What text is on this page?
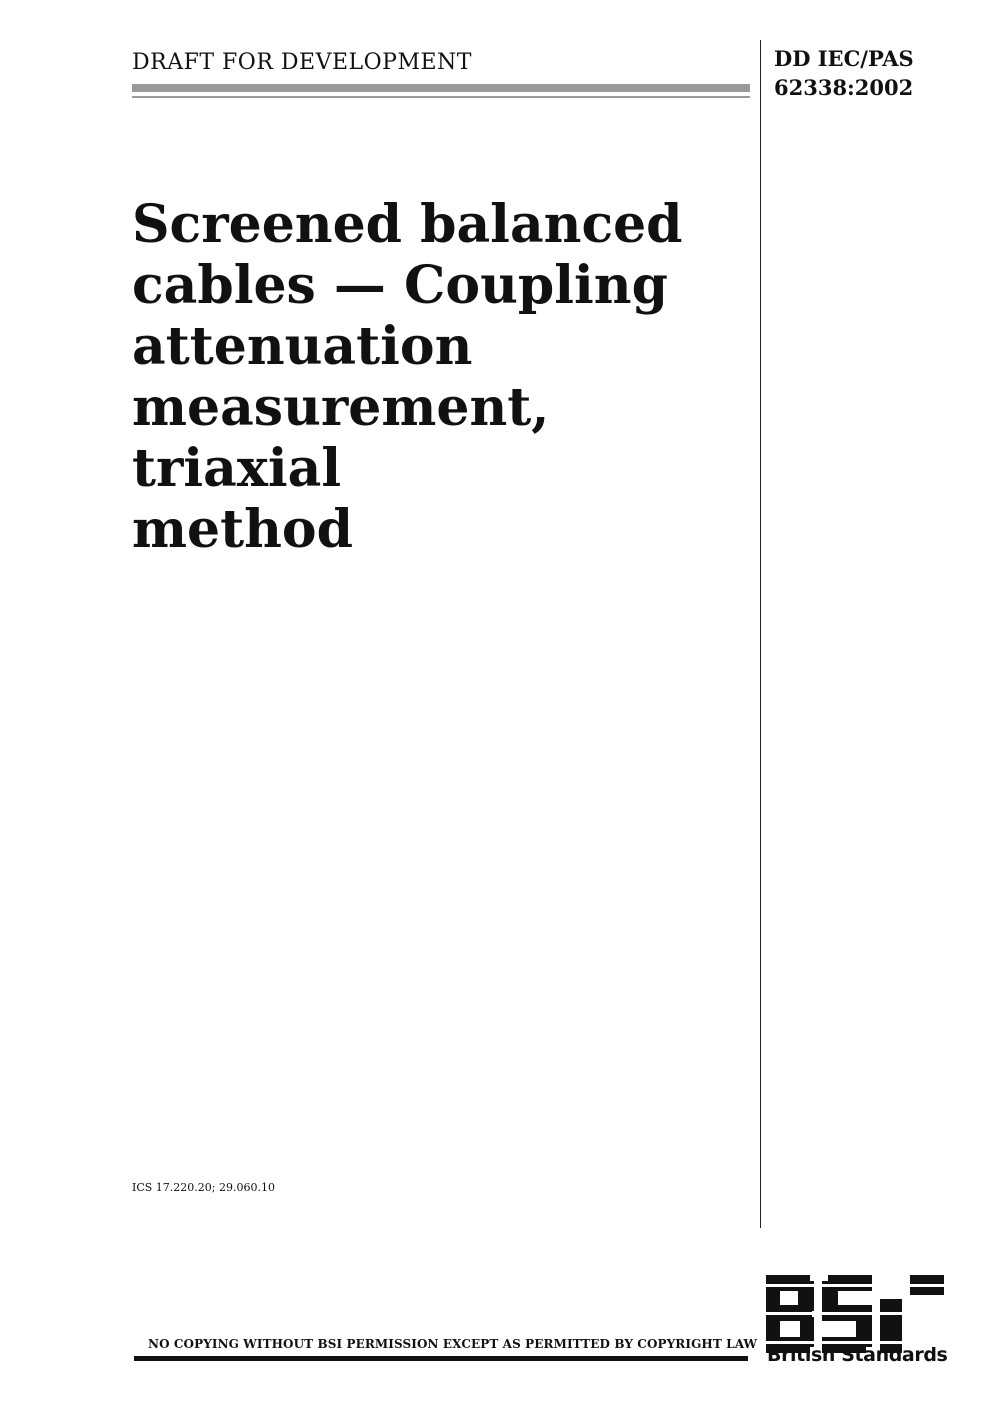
DRAFT FOR DEVELOPMENT	DD IEC/PAS
62338:2002
Screened balanced
cables — Coupling
attenuation
measurement, triaxial
method
ICS 17.220.20; 29.060.10
NO COPYING WITHOUT BSI PERMISSION EXCEPT AS PERMITTED BY COPYRIGHT LAW British Standards
